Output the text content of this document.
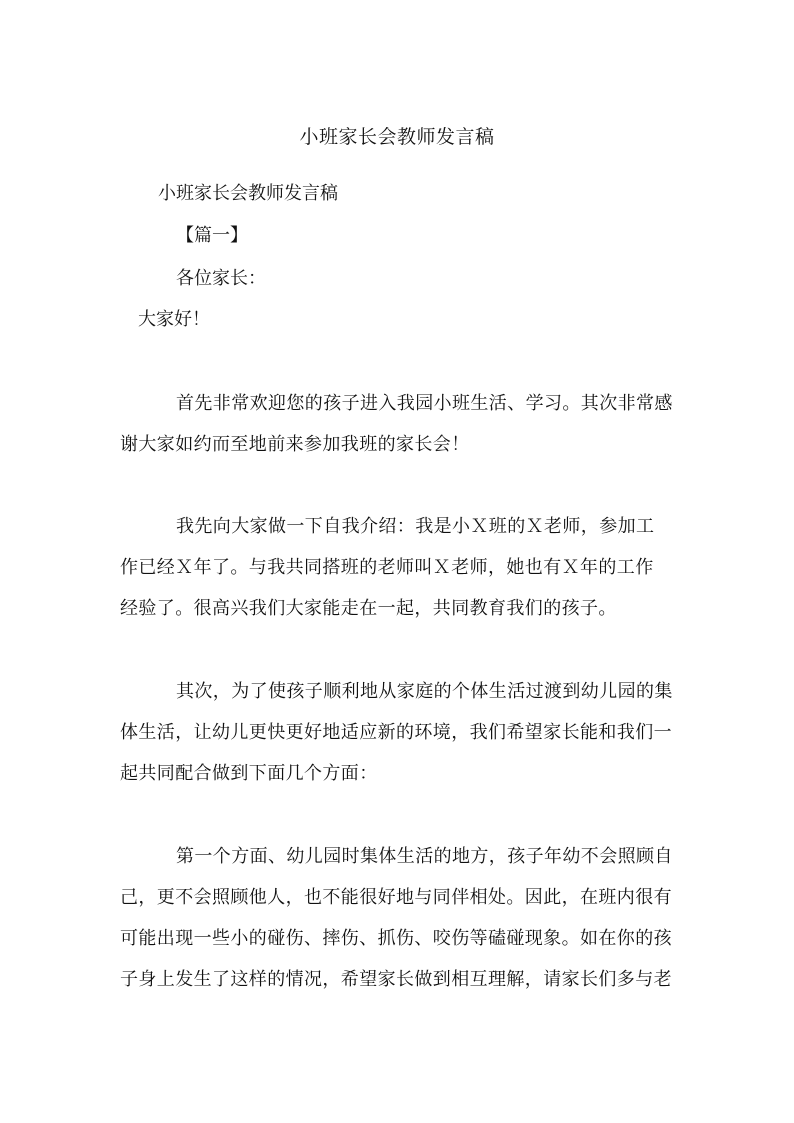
小班家长会教师发言稿
小班家长会教师发言稿
【篇一】
各位家长：
大家好！
首先非常欢迎您的孩子进入我园小班生活、学习。其次非常感
谢大家如约而至地前来参加我班的家长会！
我先向大家做一下自我介绍：我是小Ｘ班的Ｘ老师，参加工
作已经Ｘ年了。与我共同搭班的老师叫Ｘ老师，她也有Ｘ年的工作
经验了。很高兴我们大家能走在一起，共同教育我们的孩子。
其次，为了使孩子顺利地从家庭的个体生活过渡到幼儿园的集
体生活，让幼儿更快更好地适应新的环境，我们希望家长能和我们一
起共同配合做到下面几个方面：
第一个方面、幼儿园时集体生活的地方，孩子年幼不会照顾自
己，更不会照顾他人，也不能很好地与同伴相处。因此，在班内很有
可能出现一些小的碰伤、摔伤、抓伤、咬伤等磕碰现象。如在你的孩
子身上发生了这样的情况，希望家长做到相互理解，请家长们多与老
